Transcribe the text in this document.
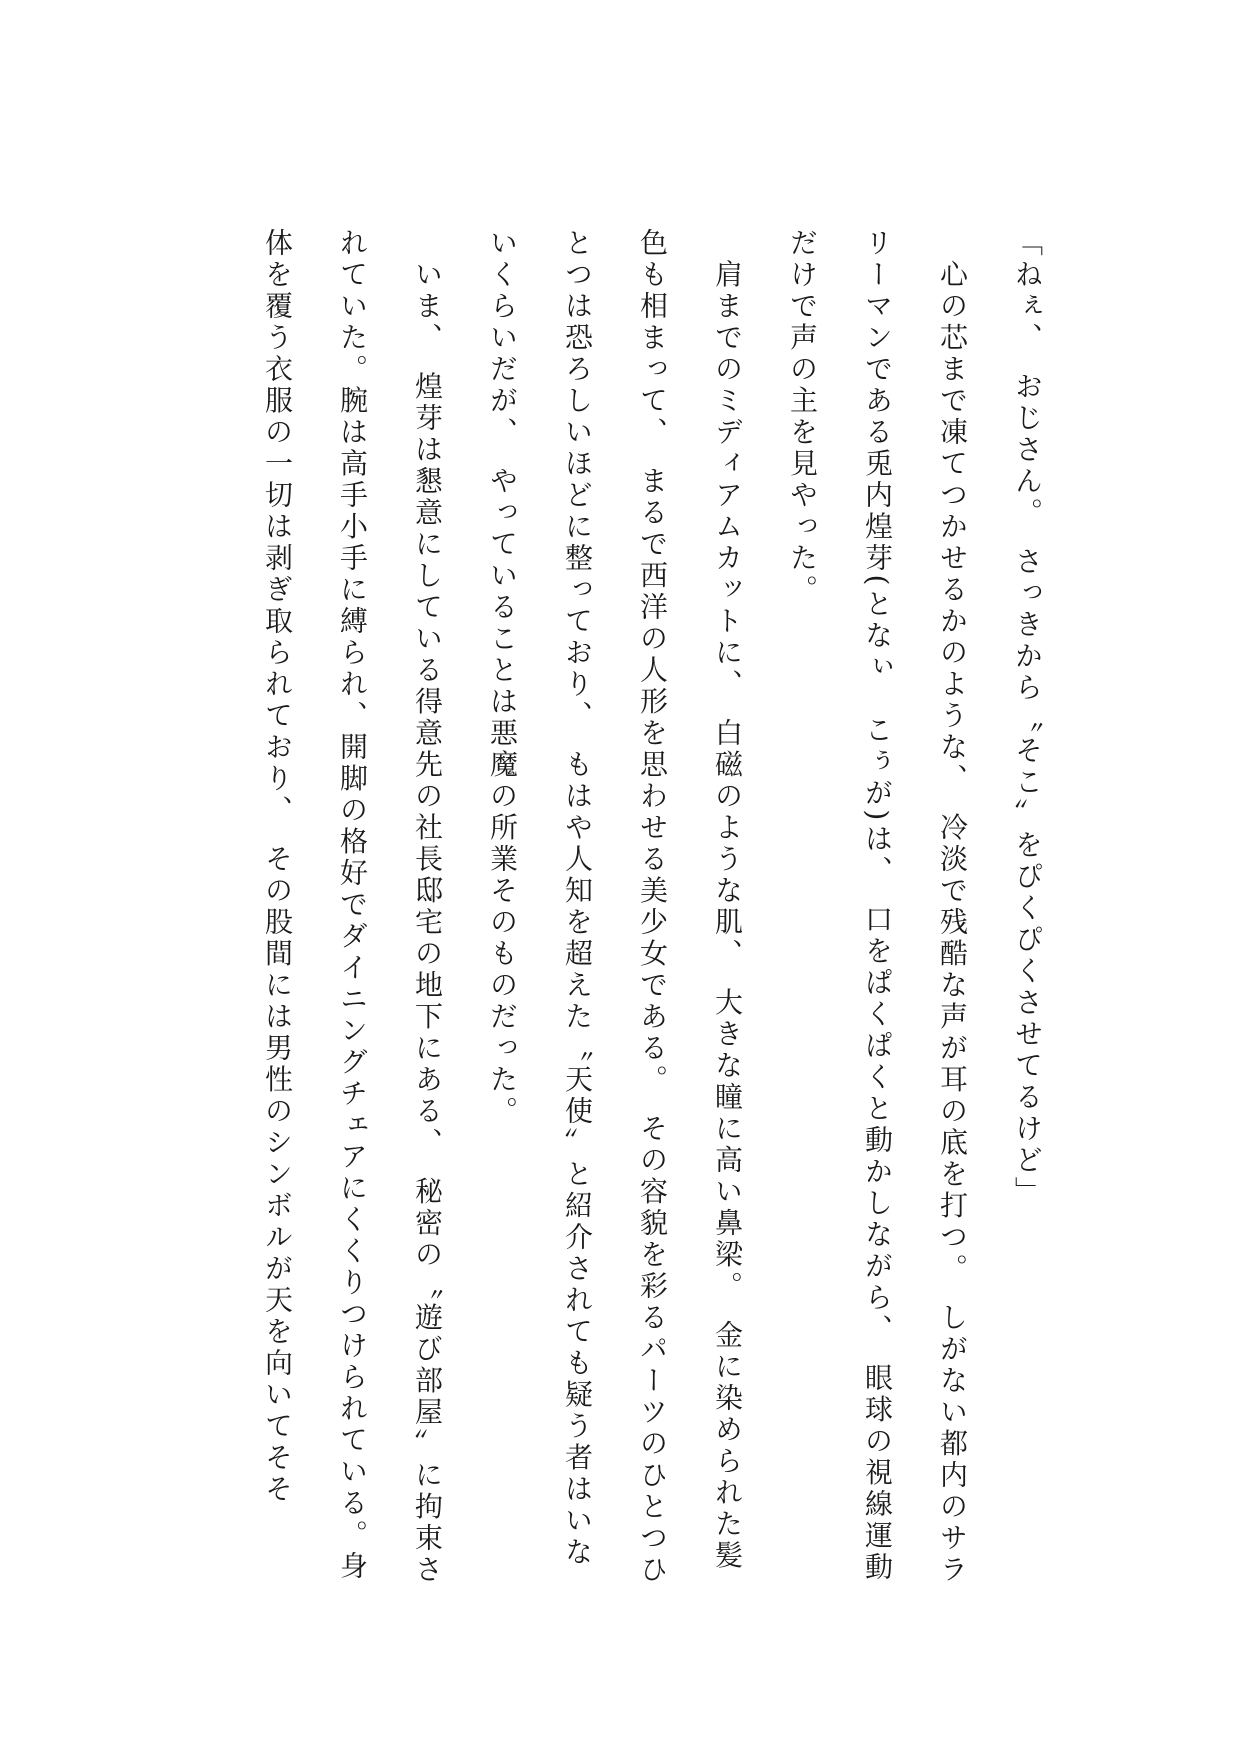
「ねぇ、　おじさん。　さっきから〝そこ〟をぴくぴくさせてるけど」

　心の芯まで凍てつかせるかのような、　冷淡で残酷な声が耳の底を打つ。　しがない都内のサラリーマンである兎内煌芽(となぃ　こぅが)は、　口をぱくぱくと動かしながら、　眼球の視線運動だけで声の主を見やった。

　肩までのミディアムカットに、　白磁のような肌、　大きな瞳に高い鼻梁。　金に染められた髪色も相まって、　まるで西洋の人形を思わせる美少女である。　その容貌を彩るパーツのひとつひとつは恐ろしいほどに整っており、　もはや人知を超えた〝天使〟と紹介されても疑う者はいないくらいだが、　やっていることは悪魔の所業そのものだった。

　いま、　煌芽は懇意にしている得意先の社長邸宅の地下にある、　秘密の〝遊び部屋〟に拘束されていた。腕は高手小手に縛られ、開脚の格好でダイニングチェアにくくりつけられている。身体を覆う衣服の一切は剥ぎ取られており、　その股間には男性のシンボルが天を向いてそそ
